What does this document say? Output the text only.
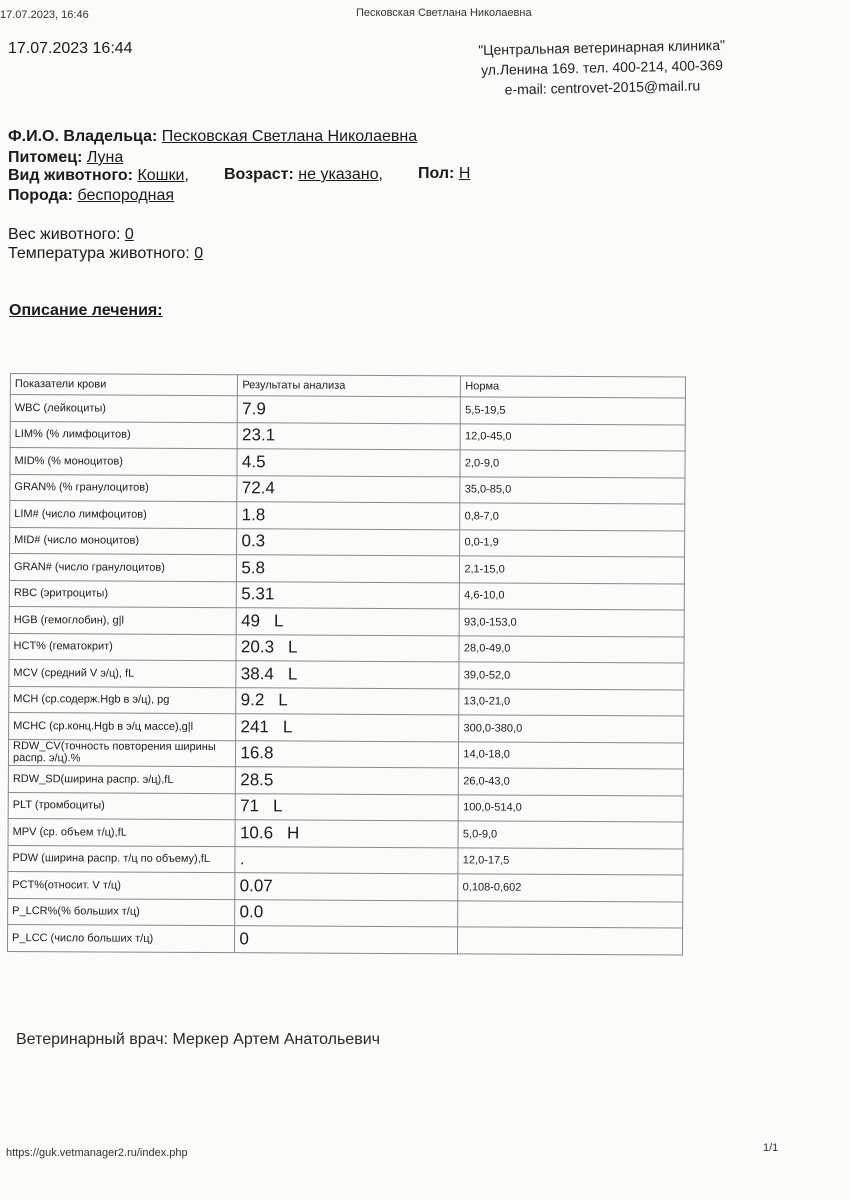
17.07.2023, 16:46	Песковская Светлана Николаевна
17.07.2023 16:44	"Центральная ветеринарная клиника"
ул.Ленина 169. тел. 400-214, 400-369
e-mail: centrovet-2015@mail.ru
Ф.И.О. Владельца: Песковская Светлана Николаевна
Питомец: Луна
Вид животного: Кошки, Возраст: не указано, Пол: Н
Порода: беспородная
Вес животного: 0
Температура животного: 0
Описание лечения:
Показатели крови	Результаты анализа	Норма
WBC (лейкоциты)	7.9	5,5-19,5
LIM% (% лимфоцитов)	23.1	12,0-45,0
MID% (% моноцитов)	4.5	2,0-9,0
GRAN% (% гранулоцитов)	72.4	35,0-85,0
LIM# (число лимфоцитов)	1.8	0,8-7,0
MID# (число моноцитов)	0.3	0,0-1,9
GRAN# (число гранулоцитов)	5.8	2,1-15,0
RBC (эритроциты)	5.31	4,6-10,0
HGB (гемоглобин), g|l	49 L	93,0-153,0
HCT% (гематокрит)	20.3 L	28,0-49,0
MCV (средний V э/ц), fL	38.4 L	39,0-52,0
MCH (ср.содерж.Hgb в э/ц), pg	9.2 L	13,0-21,0
MCHC (ср.конц.Hgb в э/ц массе),g|l	241 L	300,0-380,0
RDW_CV(точность повторения ширины распр. э/ц).%	16.8	14,0-18,0
RDW_SD(ширина распр. э/ц),fL	28.5	26,0-43,0
PLT (тромбоциты)	71 L	100,0-514,0
MPV (ср. объем т/ц),fL	10.6 H	5,0-9,0
PDW (ширина распр. т/ц по объему),fL	.	12,0-17,5
PCT%(относит. V т/ц)	0.07	0,108-0,602
P_LCR%(% больших т/ц)	0.0	
P_LCC (число больших т/ц)	0	
Ветеринарный врач: Меркер Артем Анатольевич
https://guk.vetmanager2.ru/index.php	1/1
